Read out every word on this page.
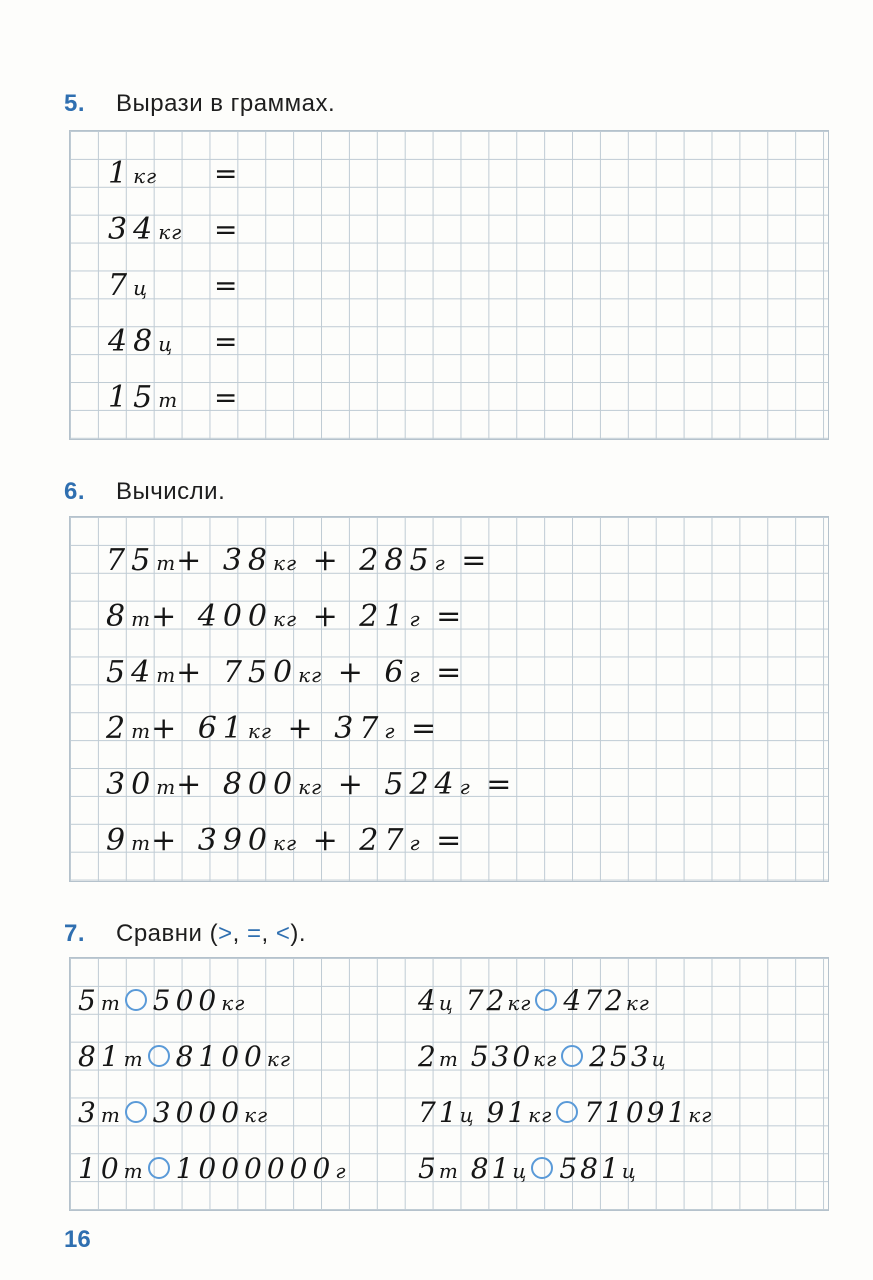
5.	Вырази в граммах.
1кг =
34кг =
7ц =
48ц =
15т =
6.	Вычисли.
75т+ 38кг + 285г =
8т+ 400кг + 21г =
54т+ 750кг + 6г =
2т+ 61кг + 37г =
30т+ 800кг + 524г =
9т+ 390кг + 27г =
7.	Сравни (>, =, <).
5т 500кг
81т 8100кг
3т 3000кг
10т 1000000г
4ц 72кг 472кг
2т 530кг 253ц
71ц 91кг 71091кг
5т 81ц 581ц
16
